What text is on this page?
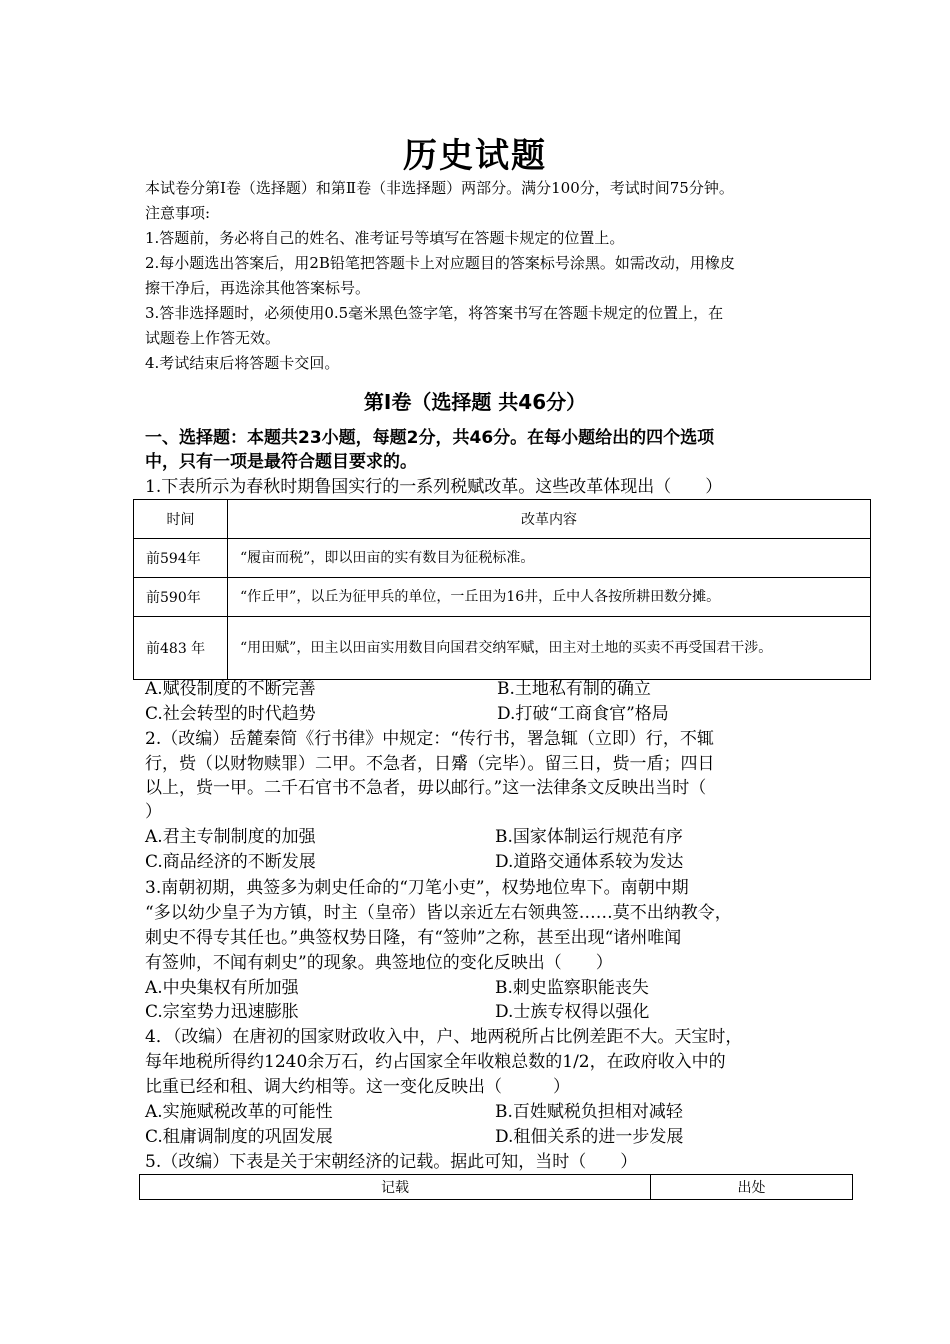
历史试题
本试卷分第Ⅰ卷（选择题）和第Ⅱ卷（非选择题）两部分。满分100分，考试时间75分钟。
注意事项:
1.答题前，务必将自己的姓名、准考证号等填写在答题卡规定的位置上。
2.每小题选出答案后，用2B铅笔把答题卡上对应题目的答案标号涂黑。如需改动，用橡皮
擦干净后，再选涂其他答案标号。
3.答非选择题时，必须使用0.5毫米黑色签字笔，将答案书写在答题卡规定的位置上，在
试题卷上作答无效。
4.考试结束后将答题卡交回。
第Ⅰ卷（选择题 共46分）
一、选择题：本题共23小题，每题2分，共46分。在每小题给出的四个选项
中，只有一项是最符合题目要求的。
1.下表所示为春秋时期鲁国实行的一系列税赋改革。这些改革体现出（　　）
时间	改革内容
前594年	“履亩而税”，即以田亩的实有数目为征税标准。
前590年	“作丘甲”，以丘为征甲兵的单位，一丘田为16井，丘中人各按所耕田数分摊。
前483 年	“用田赋”，田主以田亩实用数目向国君交纳军赋，田主对土地的买卖不再受国君干涉。
A.赋役制度的不断完善	B.土地私有制的确立
C.社会转型的时代趋势	D.打破“工商食官”格局
2.（改编）岳麓秦简《行书律》中规定：“传行书，署急辄（立即）行，不辄
行，赀（以财物赎罪）二甲。不急者，日觱（完毕）。留三日，赀一盾；四日
以上，赀一甲。二千石官书不急者，毋以邮行。”这一法律条文反映出当时（
）
A.君主专制制度的加强	B.国家体制运行规范有序
C.商品经济的不断发展	D.道路交通体系较为发达
3.南朝初期，典签多为刺史任命的“刀笔小吏”，权势地位卑下。南朝中期
“多以幼少皇子为方镇，时主（皇帝）皆以亲近左右领典签……莫不出纳教令，
刺史不得专其任也。”典签权势日隆，有“签帅”之称，甚至出现“诸州唯闻
有签帅，不闻有刺史”的现象。典签地位的变化反映出（　　）
A.中央集权有所加强	B.刺史监察职能丧失
C.宗室势力迅速膨胀	D.士族专权得以强化
4．（改编）在唐初的国家财政收入中，户、地两税所占比例差距不大。天宝时，
每年地税所得约1240余万石，约占国家全年收粮总数的1/2，在政府收入中的
比重已经和租、调大约相等。这一变化反映出（　　　）
A.实施赋税改革的可能性	B.百姓赋税负担相对减轻
C.租庸调制度的巩固发展	D.租佃关系的进一步发展
5.（改编）下表是关于宋朝经济的记载。据此可知，当时（　　）
记载	出处
